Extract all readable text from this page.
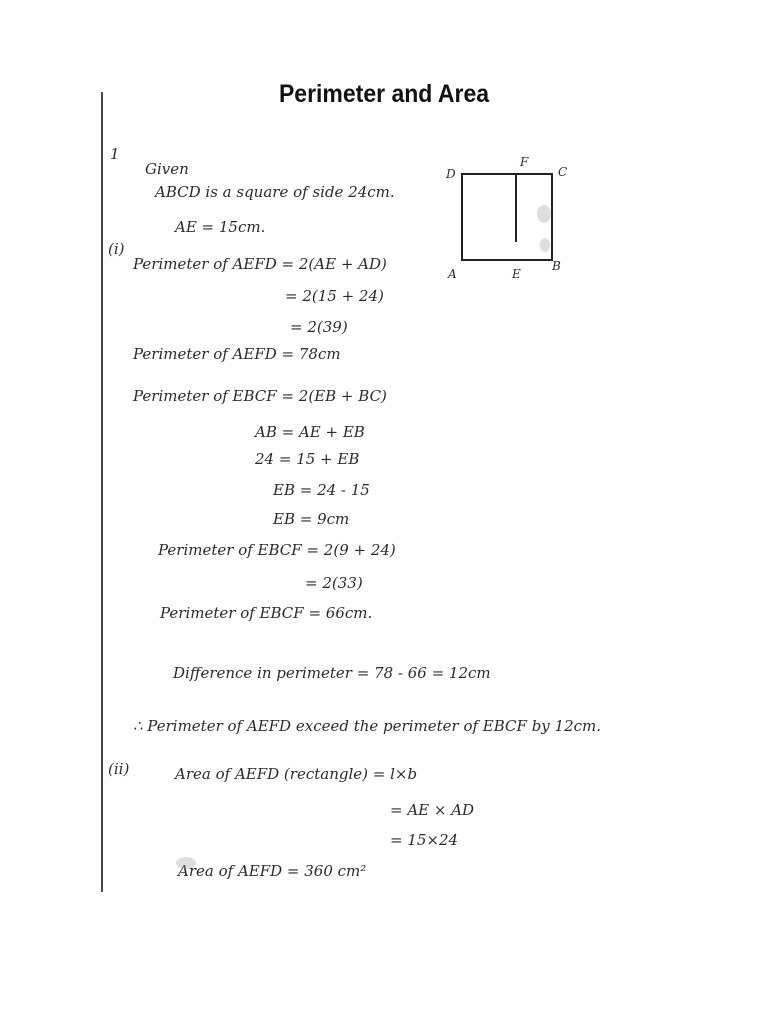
Perimeter and Area
1
Given
ABCD is a square of side 24cm.
AE = 15cm.
D
F
C
A	E
B
(i)
Perimeter of AEFD = 2(AE + AD)
= 2(15 + 24)
= 2(39)
Perimeter of AEFD = 78cm
Perimeter of EBCF = 2(EB + BC)
AB = AE + EB
24 = 15 + EB
EB = 24 - 15
EB = 9cm
Perimeter of EBCF = 2(9 + 24)
= 2(33)
Perimeter of EBCF = 66cm.
Difference in perimeter = 78 - 66 = 12cm
∴ Perimeter of AEFD exceed the perimeter of EBCF by 12cm.
(ii)	Area of AEFD (rectangle) = l×b
= AE × AD
= 15×24
Area of AEFD = 360 cm²
